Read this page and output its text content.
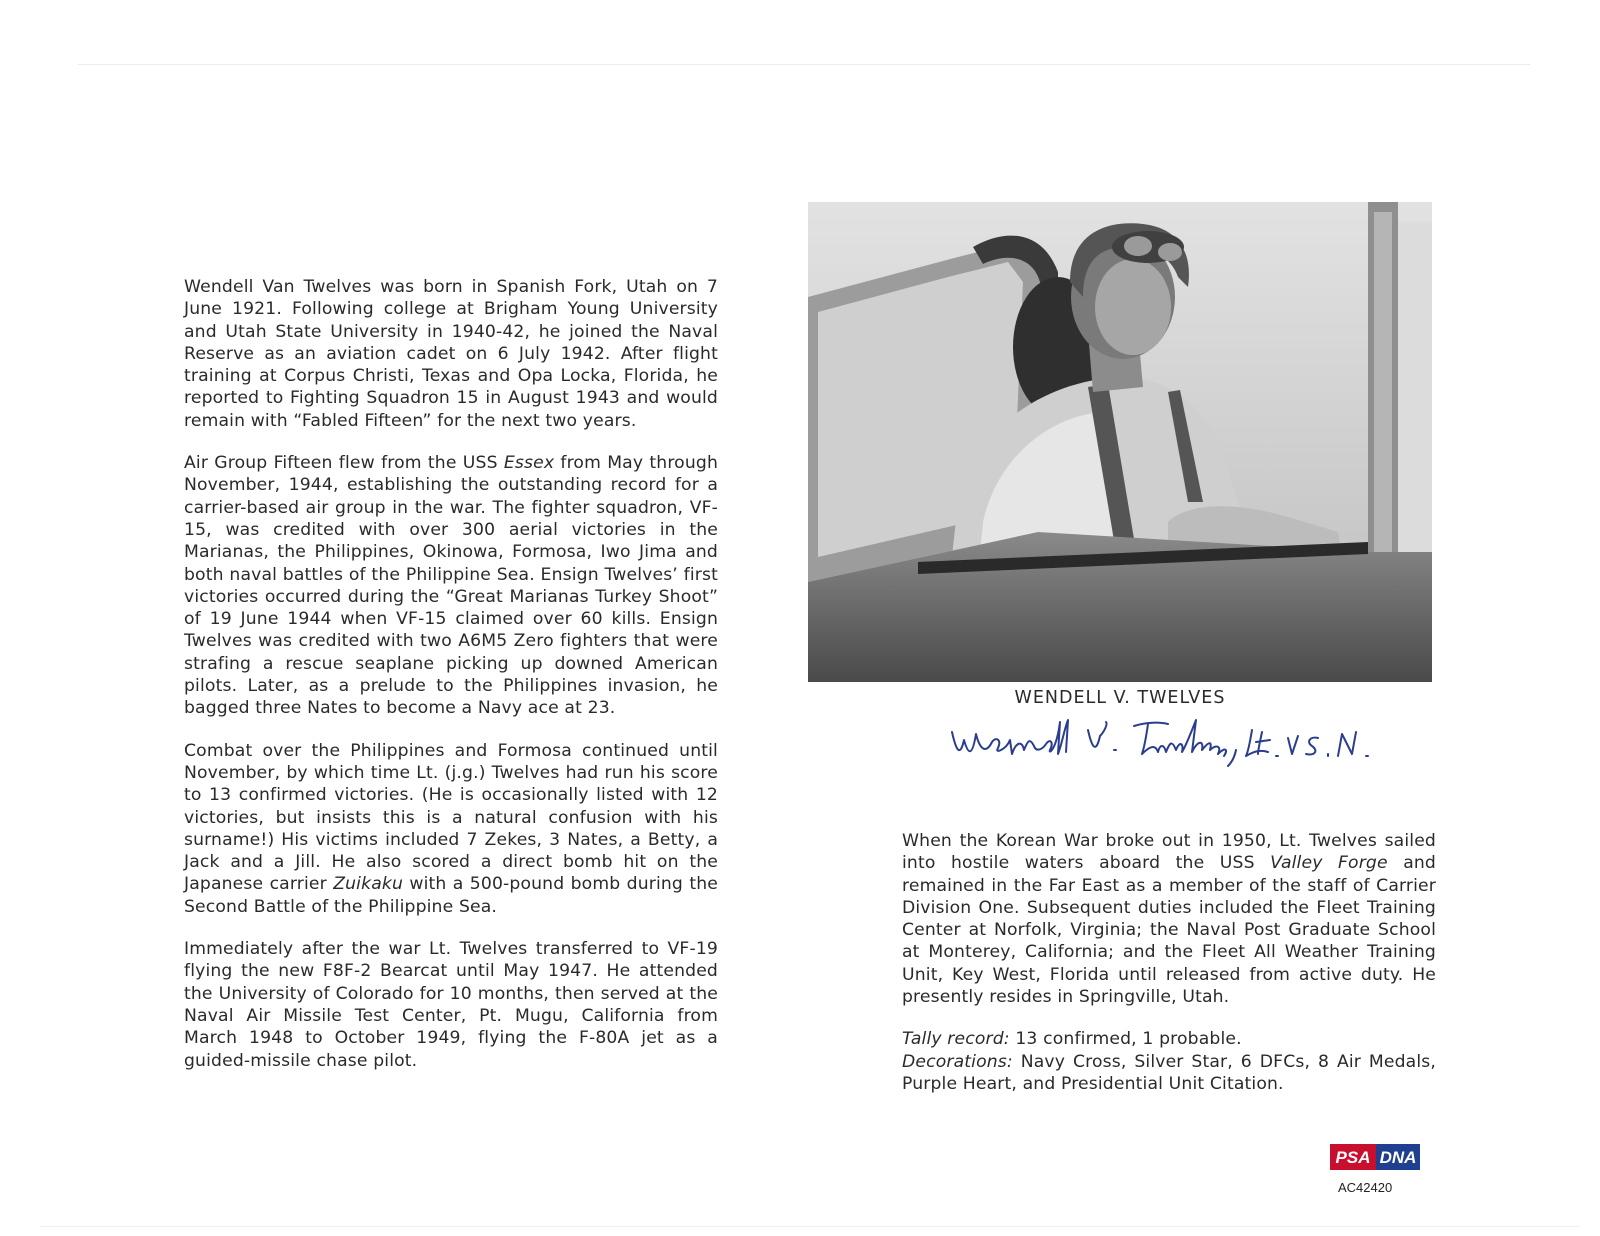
Wendell Van Twelves was born in Spanish Fork, Utah on 7 June 1921. Following college at Brigham Young University and Utah State University in 1940-42, he joined the Naval Reserve as an aviation cadet on 6 July 1942. After flight training at Corpus Christi, Texas and Opa Locka, Florida, he reported to Fighting Squadron 15 in August 1943 and would remain with “Fabled Fifteen” for the next two years.

Air Group Fifteen flew from the USS Essex from May through November, 1944, establishing the outstanding record for a carrier-based air group in the war. The fighter squadron, VF-15, was credited with over 300 aerial victories in the Marianas, the Philippines, Okinowa, Formosa, Iwo Jima and both naval battles of the Philippine Sea. Ensign Twelves’ first victories occurred during the “Great Marianas Turkey Shoot” of 19 June 1944 when VF-15 claimed over 60 kills. Ensign Twelves was credited with two A6M5 Zero fighters that were strafing a rescue seaplane picking up downed American pilots. Later, as a prelude to the Philippines invasion, he bagged three Nates to become a Navy ace at 23.

Combat over the Philippines and Formosa continued until November, by which time Lt. (j.g.) Twelves had run his score to 13 confirmed victories. (He is occasionally listed with 12 victories, but insists this is a natural confusion with his surname!) His victims included 7 Zekes, 3 Nates, a Betty, a Jack and a Jill. He also scored a direct bomb hit on the Japanese carrier Zuikaku with a 500-pound bomb during the Second Battle of the Philippine Sea.

Immediately after the war Lt. Twelves transferred to VF-19 flying the new F8F-2 Bearcat until May 1947. He attended the University of Colorado for 10 months, then served at the Naval Air Missile Test Center, Pt. Mugu, California from March 1948 to October 1949, flying the F-80A jet as a guided-missile chase pilot.

WENDELL V. TWELVES

When the Korean War broke out in 1950, Lt. Twelves sailed into hostile waters aboard the USS Valley Forge and remained in the Far East as a member of the staff of Carrier Division One. Subsequent duties included the Fleet Training Center at Norfolk, Virginia; the Naval Post Graduate School at Monterey, California; and the Fleet All Weather Training Unit, Key West, Florida until released from active duty. He presently resides in Springville, Utah.

Tally record: 13 confirmed, 1 probable.

Decorations: Navy Cross, Silver Star, 6 DFCs, 8 Air Medals, Purple Heart, and Presidential Unit Citation.

PSA DNA
AC42420
